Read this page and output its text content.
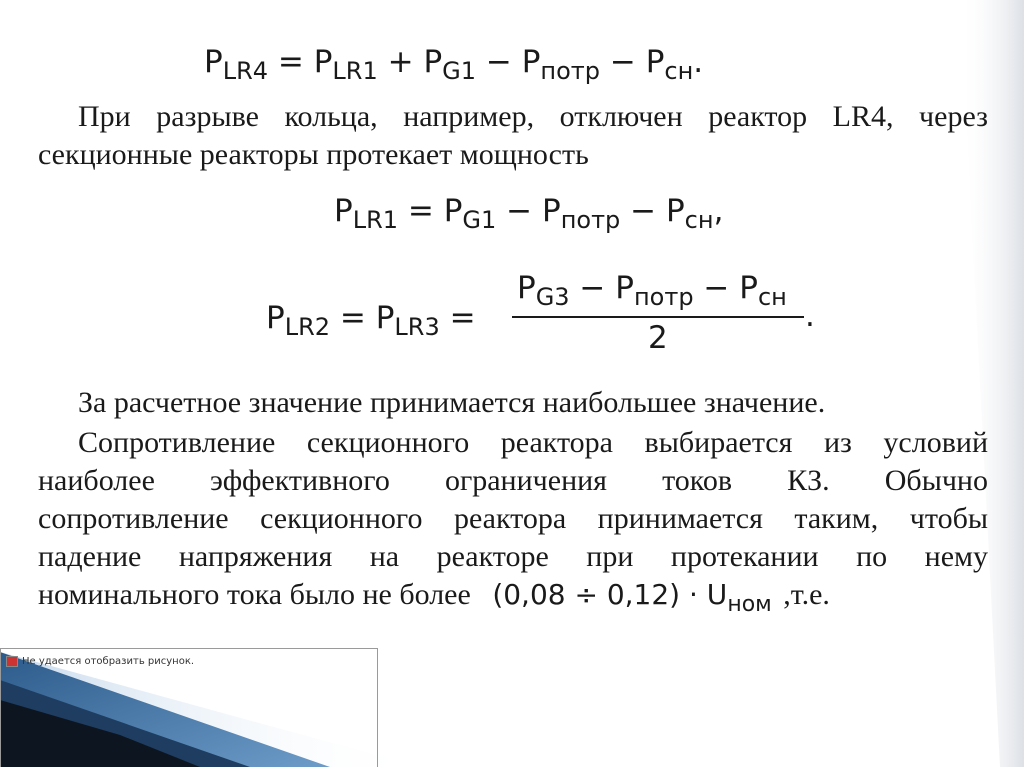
$P_{LR4} = P_{LR1} + P_{G1} - P_{потр} - P_{сн}$.
При разрыве кольца, например, отключен реактор LR4, через
секционные реакторы протекает мощность
$P_{LR1} = P_{G1} - P_{потр} - P_{сн}$,
$P_{LR2} = P_{LR3}$ =
$P_{G3} - P_{потр} - P_{сн}$
2
.
За расчетное значение принимается наибольшее значение.
Сопротивление секционного реактора выбирается из условий
наиболее эффективного ограничения токов КЗ. Обычно
сопротивление секционного реактора принимается таким, чтобы
падение напряжения на реакторе при протекании по нему
номинального тока было не более $(0,08 \div 0,12) \cdot U_{ном}$ ,т.е.
Не удается отобразить рисунок.
